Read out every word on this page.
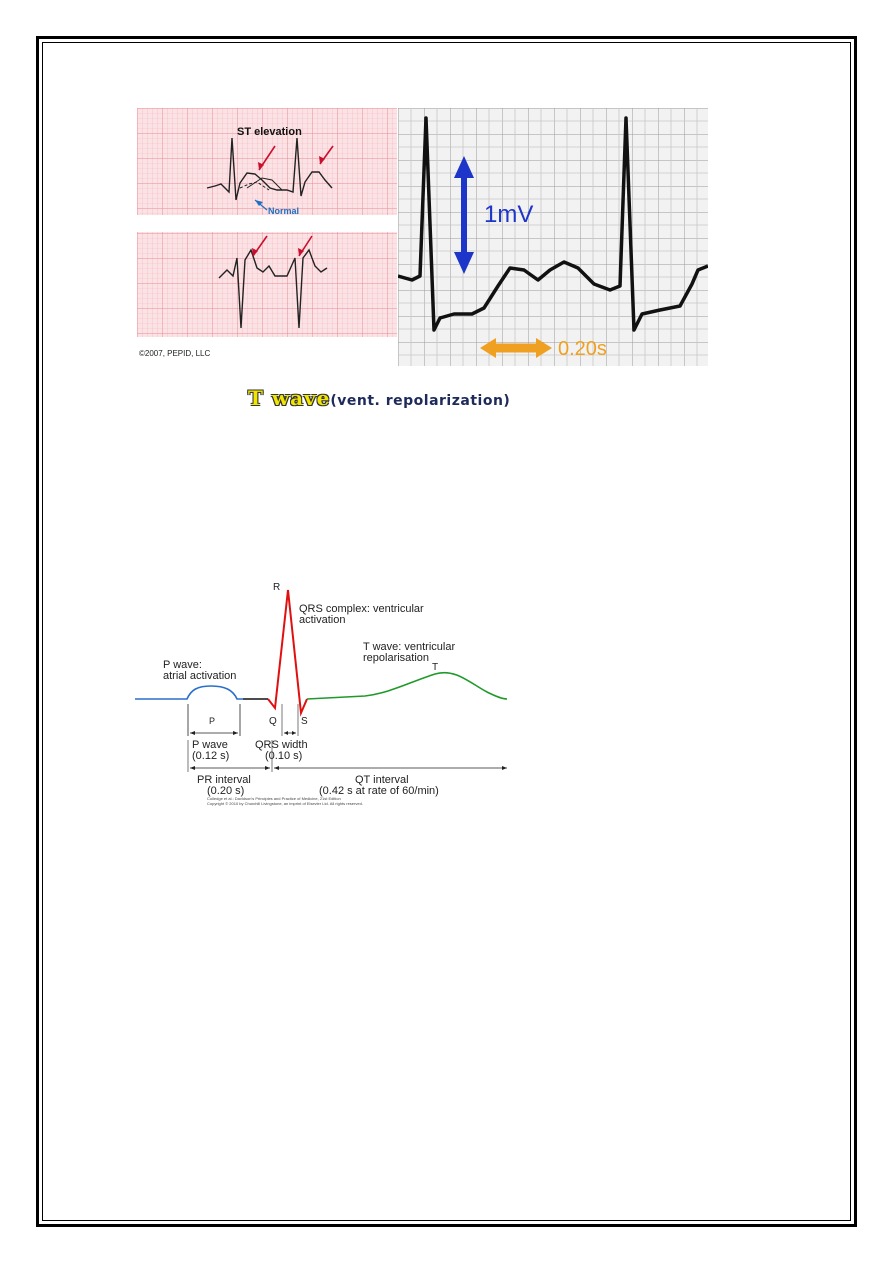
ST elevation
Normal
©2007, PEPID, LLC
1mV
0.20s
T wave(vent. repolarization)
R
QRS complex: ventricular
activation
T wave: ventricular
repolarisation
T
P wave:
atrial activation
P	Q S
P wave
(0.12 s)
QRS width
(0.10 s)
PR interval
(0.20 s)
QT interval
(0.42 s at rate of 60/min)
Colledge et al.: Davidson's Principles and Practice of Medicine, 21st Edition
Copyright © 2010 by Churchill Livingstone, an imprint of Elsevier Ltd. All rights reserved.
